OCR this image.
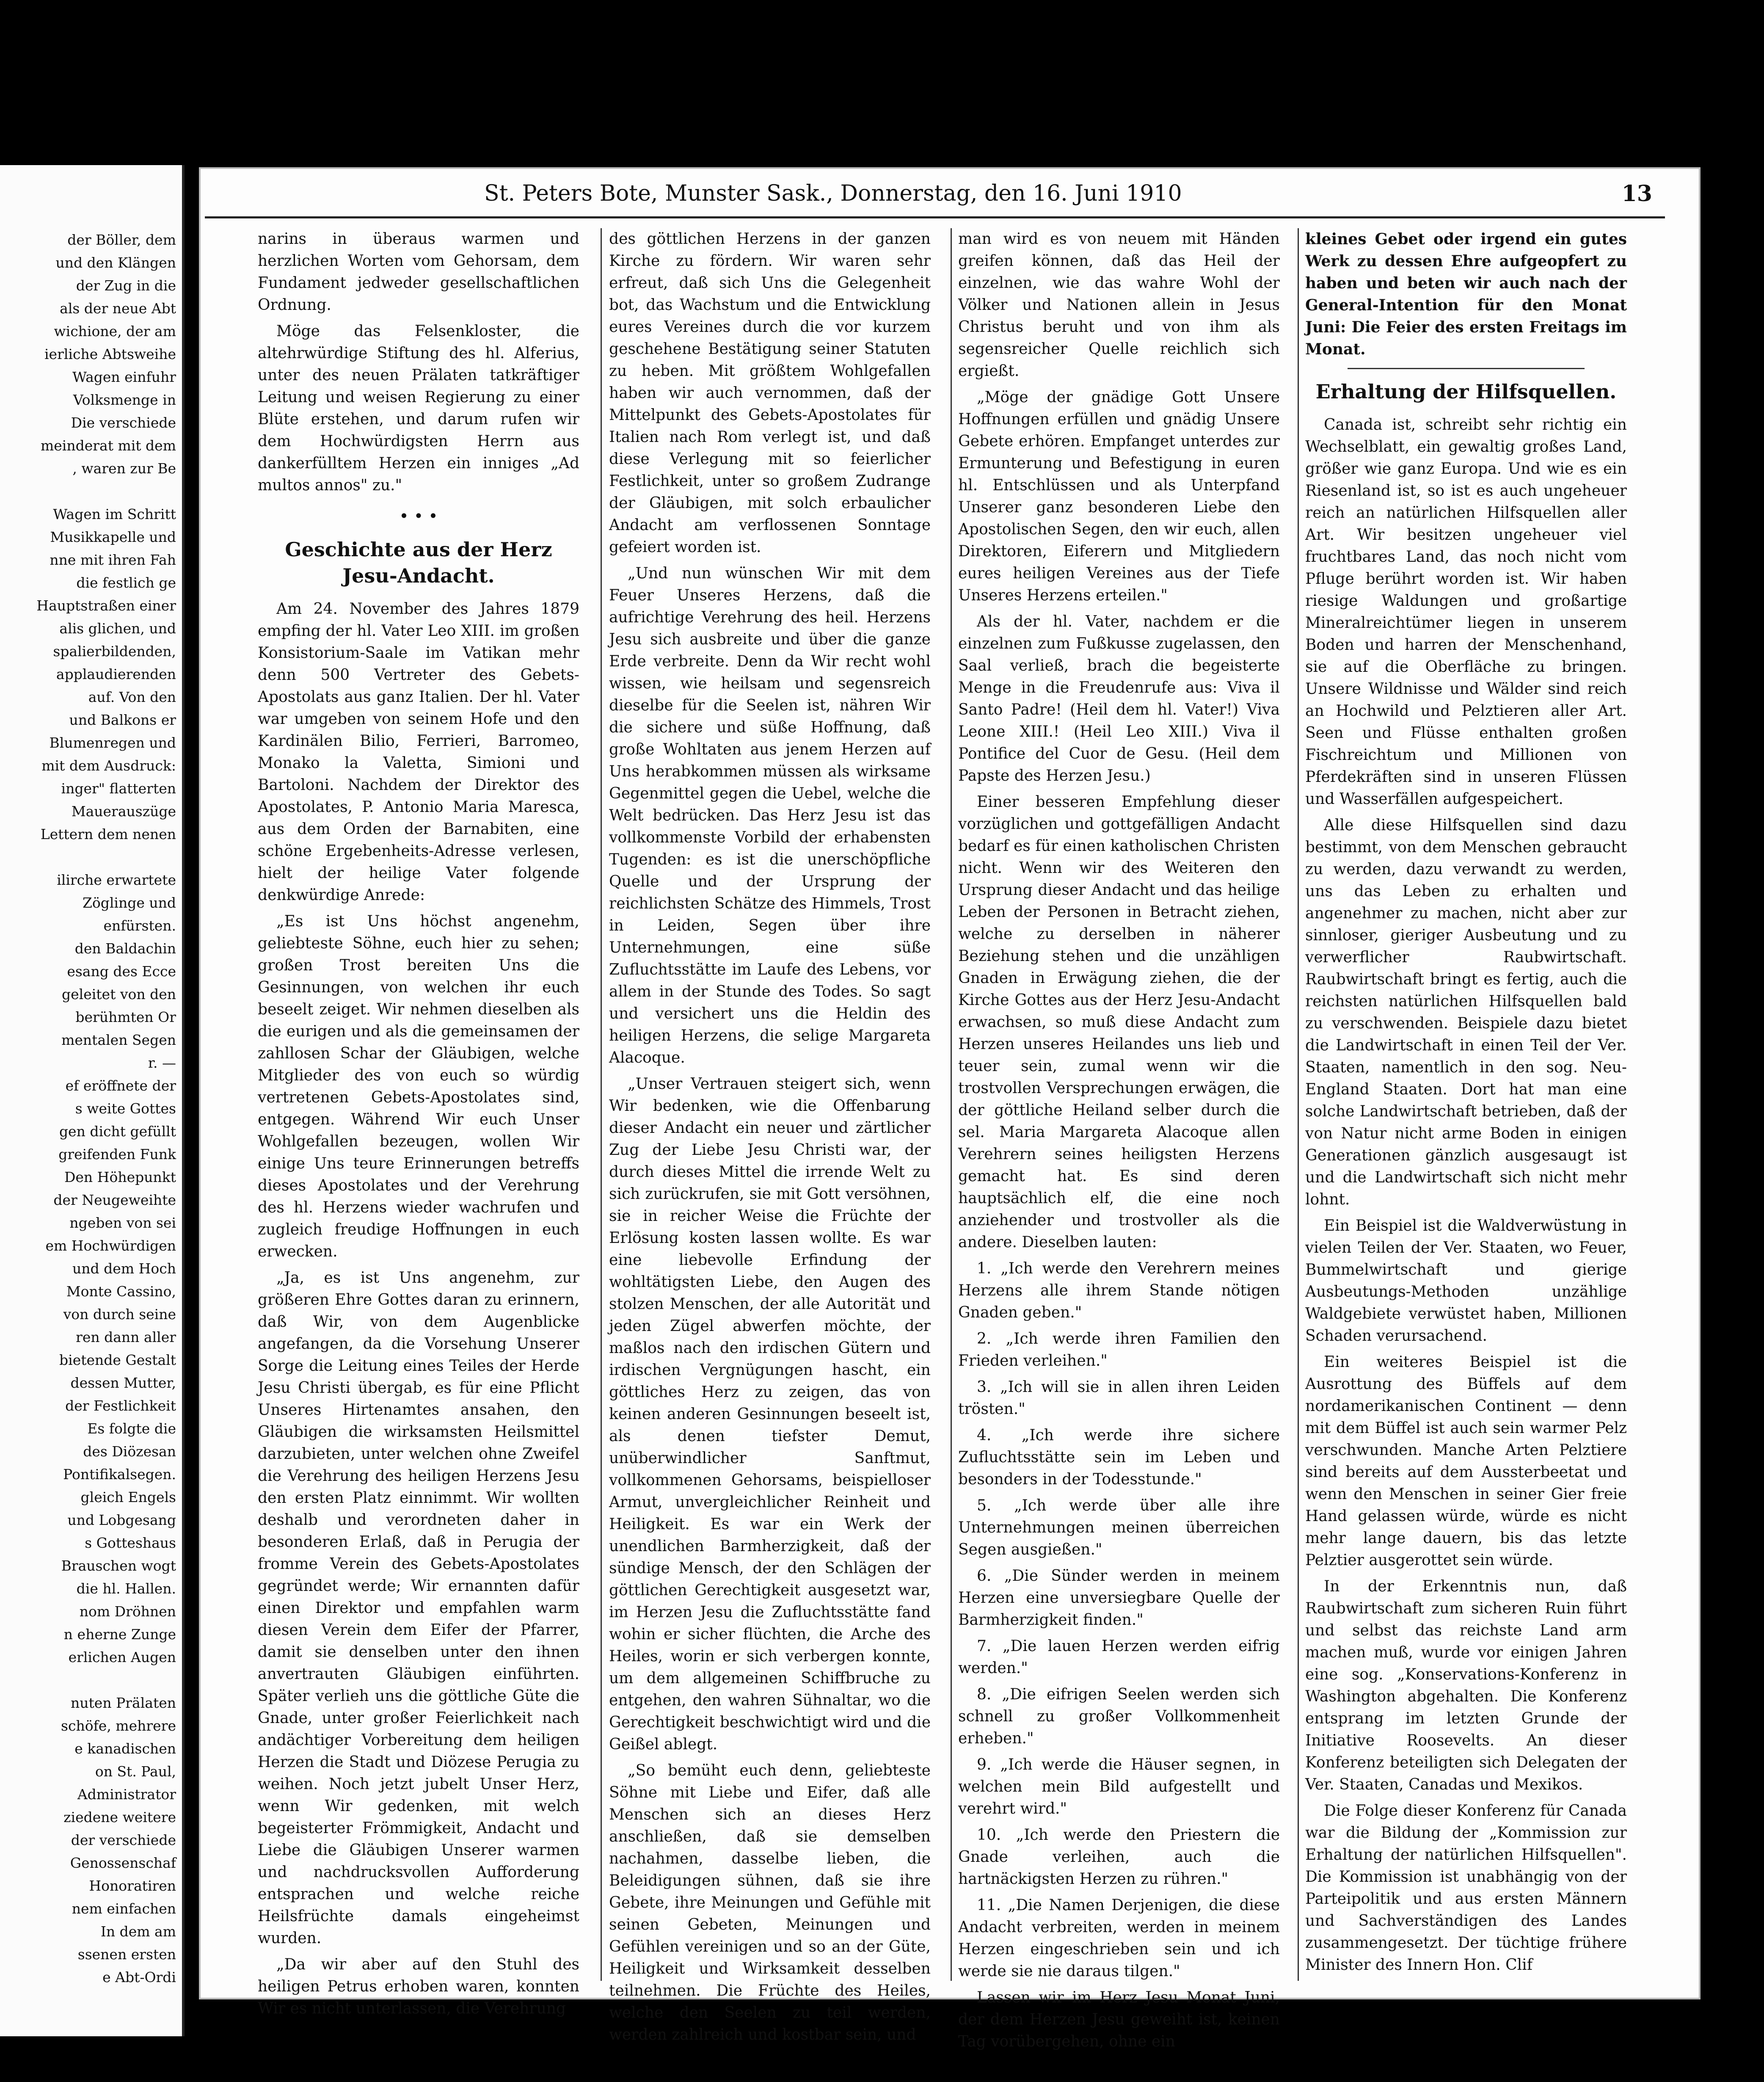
der Böller, dem
und den Klängen
der Zug in die
als der neue Abt
wichione, der am
ierliche Abtsweihe
Wagen einfuhr
Volksmenge in
Die verschiede
meinderat mit dem
, waren zur Be
Wagen im Schritt
Musikkapelle und
nne mit ihren Fah
die festlich ge
Hauptstraßen einer
alis glichen, und
spalierbildenden,
applaudierenden
auf. Von den
und Balkons er
Blumenregen und
mit dem Ausdruck:
inger" flatterten
Mauerauszüge
Lettern dem nenen
ilirche erwartete
Zöglinge und
enfürsten.
den Baldachin
esang des Ecce
geleitet von den
berühmten Or
mentalen Segen
r. —
ef eröffnete der
s weite Gottes
gen dicht gefüllt
greifenden Funk
Den Höhepunkt
der Neugeweihte
ngeben von sei
em Hochwürdigen
und dem Hoch
Monte Cassino,
von durch seine
ren dann aller
bietende Gestalt
dessen Mutter,
der Festlichkeit
Es folgte die
des Diözesan
Pontifikalsegen.
gleich Engels
und Lobgesang
s Gotteshaus
Brauschen wogt
die hl. Hallen.
nom Dröhnen
n eherne Zunge
erlichen Augen
nuten Prälaten
schöfe, mehrere
e kanadischen
on St. Paul,
Administrator
ziedene weitere
der verschiede
Genossenschaf
Honoratiren
nem einfachen
In dem am
ssenen ersten
e Abt-Ordi
St. Peters Bote, Munster Sask., Donnerstag, den 16. Juni 1910	13

narins in überaus warmen und herzlichen Worten vom Gehorsam, dem Fundament jedweder gesellschaftlichen Ordnung.

Möge das Felsenkloster, die altehrwürdige Stiftung des hl. Alferius, unter des neuen Prälaten tatkräftiger Leitung und weisen Regierung zu einer Blüte erstehen, und darum rufen wir dem Hochwürdigsten Herrn aus dankerfülltem Herzen ein inniges „Ad multos annos" zu."

• • •
Geschichte aus der Herz Jesu-Andacht.

Am 24. November des Jahres 1879 empfing der hl. Vater Leo XIII. im großen Konsistorium-Saale im Vatikan mehr denn 500 Vertreter des Gebets-Apostolats aus ganz Italien. Der hl. Vater war umgeben von seinem Hofe und den Kardinälen Bilio, Ferrieri, Barromeo, Monako la Valetta, Simioni und Bartoloni. Nachdem der Direktor des Apostolates, P. Antonio Maria Marescа, aus dem Orden der Barnabiten, eine schöne Ergebenheits-Adresse verlesen, hielt der heilige Vater folgende denkwürdige Anrede:

„Es ist Uns höchst angenehm, geliebteste Söhne, euch hier zu sehen; großen Trost bereiten Uns die Gesinnungen, von welchen ihr euch beseelt zeiget. Wir nehmen dieselben als die eurigen und als die gemeinsamen der zahllosen Schar der Gläubigen, welche Mitglieder des von euch so würdig vertretenen Gebets-Apostolates sind, entgegen. Während Wir euch Unser Wohlgefallen bezeugen, wollen Wir einige Uns teure Erinnerungen betreffs dieses Apostolates und der Verehrung des hl. Herzens wieder wachrufen und zugleich freudige Hoffnungen in euch erwecken.

„Ja, es ist Uns angenehm, zur größeren Ehre Gottes daran zu erinnern, daß Wir, von dem Augenblicke angefangen, da die Vorsehung Unserer Sorge die Leitung eines Teiles der Herde Jesu Christi übergab, es für eine Pflicht Unseres Hirtenamtes ansahen, den Gläubigen die wirksamsten Heilsmittel darzubieten, unter welchen ohne Zweifel die Verehrung des heiligen Herzens Jesu den ersten Platz einnimmt. Wir wollten deshalb und verordneten daher in besonderen Erlaß, daß in Perugia der fromme Verein des Gebets-Apostolates gegründet werde; Wir ernannten dafür einen Direktor und empfahlen warm diesen Verein dem Eifer der Pfarrer, damit sie denselben unter den ihnen anvertrauten Gläubigen einführten. Später verlieh uns die göttliche Güte die Gnade, unter großer Feierlichkeit nach andächtiger Vorbereitung dem heiligen Herzen die Stadt und Diözese Perugia zu weihen. Noch jetzt jubelt Unser Herz, wenn Wir gedenken, mit welch begeisterter Frömmigkeit, Andacht und Liebe die Gläubigen Unserer warmen und nachdrucksvollen Aufforderung entsprachen und welche reiche Heilsfrüchte damals eingeheimst wurden.

„Da wir aber auf den Stuhl des heiligen Petrus erhoben waren, konnten Wir es nicht unterlassen, die Verehrung

des göttlichen Herzens in der ganzen Kirche zu fördern. Wir waren sehr erfreut, daß sich Uns die Gelegenheit bot, das Wachstum und die Entwicklung eures Vereines durch die vor kurzem geschehene Bestätigung seiner Statuten zu heben. Mit größtem Wohlgefallen haben wir auch vernommen, daß der Mittelpunkt des Gebets-Apostolates für Italien nach Rom verlegt ist, und daß diese Verlegung mit so feierlicher Festlichkeit, unter so großem Zudrange der Gläubigen, mit solch erbaulicher Andacht am verflossenen Sonntage gefeiert worden ist.

„Und nun wünschen Wir mit dem Feuer Unseres Herzens, daß die aufrichtige Verehrung des heil. Herzens Jesu sich ausbreite und über die ganze Erde verbreite. Denn da Wir recht wohl wissen, wie heilsam und segensreich dieselbe für die Seelen ist, nähren Wir die sichere und süße Hoffnung, daß große Wohltaten aus jenem Herzen auf Uns herabkommen müssen als wirksame Gegenmittel gegen die Uebel, welche die Welt bedrücken. Das Herz Jesu ist das vollkommenste Vorbild der erhabensten Tugenden: es ist die unerschöpfliche Quelle und der Ursprung der reichlichsten Schätze des Himmels, Trost in Leiden, Segen über ihre Unternehmungen, eine süße Zufluchtsstätte im Laufe des Lebens, vor allem in der Stunde des Todes. So sagt und versichert uns die Heldin des heiligen Herzens, die selige Margareta Alacoque.

„Unser Vertrauen steigert sich, wenn Wir bedenken, wie die Offenbarung dieser Andacht ein neuer und zärtlicher Zug der Liebe Jesu Christi war, der durch dieses Mittel die irrende Welt zu sich zurückrufen, sie mit Gott versöhnen, sie in reicher Weise die Früchte der Erlösung kosten lassen wollte. Es war eine liebevolle Erfindung der wohltätigsten Liebe, den Augen des stolzen Menschen, der alle Autorität und jeden Zügel abwerfen möchte, der maßlos nach den irdischen Gütern und irdischen Vergnügungen hascht, ein göttliches Herz zu zeigen, das von keinen anderen Gesinnungen beseelt ist, als denen tiefster Demut, unüberwindlicher Sanftmut, vollkommenen Gehorsams, beispielloser Armut, unvergleichlicher Reinheit und Heiligkeit. Es war ein Werk der unendlichen Barmherzigkeit, daß der sündige Mensch, der den Schlägen der göttlichen Gerechtigkeit ausgesetzt war, im Herzen Jesu die Zufluchtsstätte fand wohin er sicher flüchten, die Arche des Heiles, worin er sich verbergen konnte, um dem allgemeinen Schiffbruche zu entgehen, den wahren Sühnaltar, wo die Gerechtigkeit beschwichtigt wird und die Geißel ablegt.

„So bemüht euch denn, geliebteste Söhne mit Liebe und Eifer, daß alle Menschen sich an dieses Herz anschließen, daß sie demselben nachahmen, dasselbe lieben, die Beleidigungen sühnen, daß sie ihre Gebete, ihre Meinungen und Gefühle mit seinen Gebeten, Meinungen und Gefühlen vereinigen und so an der Güte, Heiligkeit und Wirksamkeit desselben teilnehmen. Die Früchte des Heiles, welche den Seelen zu teil werden, werden zahlreich und kostbar sein, und

man wird es von neuem mit Händen greifen können, daß das Heil der einzelnen, wie das wahre Wohl der Völker und Nationen allein in Jesus Christus beruht und von ihm als segensreicher Quelle reichlich sich ergießt.

„Möge der gnädige Gott Unsere Hoffnungen erfüllen und gnädig Unsere Gebete erhören. Empfanget unterdes zur Ermunterung und Befestigung in euren hl. Entschlüssen und als Unterpfand Unserer ganz besonderen Liebe den Apostolischen Segen, den wir euch, allen Direktoren, Eiferern und Mitgliedern eures heiligen Vereines aus der Tiefe Unseres Herzens erteilen."

Als der hl. Vater, nachdem er die einzelnen zum Fußkusse zugelassen, den Saal verließ, brach die begeisterte Menge in die Freudenrufe aus: Viva il Santo Padre! (Heil dem hl. Vater!) Viva Leone XIII.! (Heil Leo XIII.) Viva il Pontifice del Cuor de Gesu. (Heil dem Papste des Herzen Jesu.)

Einer besseren Empfehlung dieser vorzüglichen und gottgefälligen Andacht bedarf es für einen katholischen Christen nicht. Wenn wir des Weiteren den Ursprung dieser Andacht und das heilige Leben der Personen in Betracht ziehen, welche zu derselben in näherer Beziehung stehen und die unzähligen Gnaden in Erwägung ziehen, die der Kirche Gottes aus der Herz Jesu-Andacht erwachsen, so muß diese Andacht zum Herzen unseres Heilandes uns lieb und teuer sein, zumal wenn wir die trostvollen Versprechungen erwägen, die der göttliche Heiland selber durch die sel. Maria Margareta Alacoque allen Verehrern seines heiligsten Herzens gemacht hat. Es sind deren hauptsächlich elf, die eine noch anziehender und trostvoller als die andere. Dieselben lauten:

1. „Ich werde den Verehrern meines Herzens alle ihrem Stande nötigen Gnaden geben."

2. „Ich werde ihren Familien den Frieden verleihen."

3. „Ich will sie in allen ihren Leiden trösten."

4. „Ich werde ihre sichere Zufluchtsstätte sein im Leben und besonders in der Todesstunde."

5. „Ich werde über alle ihre Unternehmungen meinen überreichen Segen ausgießen."

6. „Die Sünder werden in meinem Herzen eine unversiegbare Quelle der Barmherzigkeit finden."

7. „Die lauen Herzen werden eifrig werden."

8. „Die eifrigen Seelen werden sich schnell zu großer Vollkommenheit erheben."

9. „Ich werde die Häuser segnen, in welchen mein Bild aufgestellt und verehrt wird."

10. „Ich werde den Priestern die Gnade verleihen, auch die hartnäckigsten Herzen zu rühren."

11. „Die Namen Derjenigen, die diese Andacht verbreiten, werden in meinem Herzen eingeschrieben sein und ich werde sie nie daraus tilgen."

Lassen wir im Herz Jesu Monat Juni, der dem Herzen Jesu geweiht ist, keinen Tag vorübergehen, ohne ein

kleines Gebet oder irgend ein gutes Werk zu dessen Ehre aufgeopfert zu haben und beten wir auch nach der General-Intention für den Monat Juni: Die Feier des ersten Freitags im Monat.

Erhaltung der Hilfsquellen.

Canada ist, schreibt sehr richtig ein Wechselblatt, ein gewaltig großes Land, größer wie ganz Europa. Und wie es ein Riesenland ist, so ist es auch ungeheuer reich an natürlichen Hilfsquellen aller Art. Wir besitzen ungeheuer viel fruchtbares Land, das noch nicht vom Pfluge berührt worden ist. Wir haben riesige Waldungen und großartige Mineralreichtümer liegen in unserem Boden und harren der Menschenhand, sie auf die Oberfläche zu bringen. Unsere Wildnisse und Wälder sind reich an Hochwild und Pelztieren aller Art. Seen und Flüsse enthalten großen Fischreichtum und Millionen von Pferdekräften sind in unseren Flüssen und Wasserfällen aufgespeichert.

Alle diese Hilfsquellen sind dazu bestimmt, von dem Menschen gebraucht zu werden, dazu verwandt zu werden, uns das Leben zu erhalten und angenehmer zu machen, nicht aber zur sinnloser, gieriger Ausbeutung und zu verwerflicher Raubwirtschaft. Raubwirtschaft bringt es fertig, auch die reichsten natürlichen Hilfsquellen bald zu verschwenden. Beispiele dazu bietet die Landwirtschaft in einen Teil der Ver. Staaten, namentlich in den sog. Neu-England Staaten. Dort hat man eine solche Landwirtschaft betrieben, daß der von Natur nicht arme Boden in einigen Generationen gänzlich ausgesaugt ist und die Landwirtschaft sich nicht mehr lohnt.

Ein Beispiel ist die Waldverwüstung in vielen Teilen der Ver. Staaten, wo Feuer, Bummelwirtschaft und gierige Ausbeutungs-Methoden unzählige Waldgebiete verwüstet haben, Millionen Schaden verursachend.

Ein weiteres Beispiel ist die Ausrottung des Büffels auf dem nordamerikanischen Continent — denn mit dem Büffel ist auch sein warmer Pelz verschwunden. Manche Arten Pelztiere sind bereits auf dem Aussterbeetat und wenn den Menschen in seiner Gier freie Hand gelassen würde, würde es nicht mehr lange dauern, bis das letzte Pelztier ausgerottet sein würde.

In der Erkenntnis nun, daß Raubwirtschaft zum sicheren Ruin führt und selbst das reichste Land arm machen muß, wurde vor einigen Jahren eine sog. „Konservations-Konferenz in Washington abgehalten. Die Konferenz entsprang im letzten Grunde der Initiative Roosevelts. An dieser Konferenz beteiligten sich Delegaten der Ver. Staaten, Canadas und Mexikos.

Die Folge dieser Konferenz für Canada war die Bildung der „Kommission zur Erhaltung der natürlichen Hilfsquellen". Die Kommission ist unabhängig von der Parteipolitik und aus ersten Männern und Sachverständigen des Landes zusammengesetzt. Der tüchtige frühere Minister des Innern Hon. Clif
